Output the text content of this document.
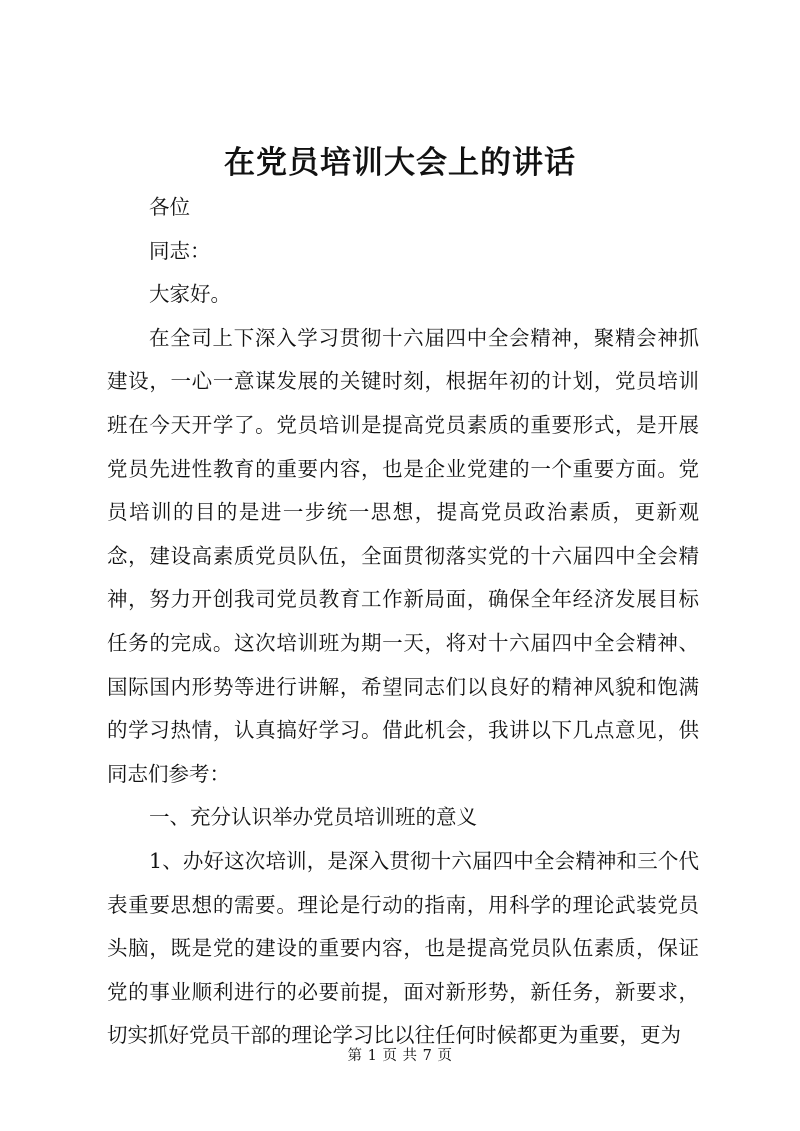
在党员培训大会上的讲话

各位

同志：

大家好。

在全司上下深入学习贯彻十六届四中全会精神，聚精会神抓建设，一心一意谋发展的关键时刻，根据年初的计划，党员培训班在今天开学了。党员培训是提高党员素质的重要形式，是开展党员先进性教育的重要内容，也是企业党建的一个重要方面。党员培训的目的是进一步统一思想，提高党员政治素质，更新观念，建设高素质党员队伍，全面贯彻落实党的十六届四中全会精神，努力开创我司党员教育工作新局面，确保全年经济发展目标任务的完成。这次培训班为期一天，将对十六届四中全会精神、国际国内形势等进行讲解，希望同志们以良好的精神风貌和饱满的学习热情，认真搞好学习。借此机会，我讲以下几点意见，供同志们参考：

一、充分认识举办党员培训班的意义

1、办好这次培训，是深入贯彻十六届四中全会精神和三个代表重要思想的需要。理论是行动的指南，用科学的理论武装党员头脑，既是党的建设的重要内容，也是提高党员队伍素质，保证党的事业顺利进行的必要前提，面对新形势，新任务，新要求，切实抓好党员干部的理论学习比以往任何时候都更为重要，更为

第 1 页 共 7 页
